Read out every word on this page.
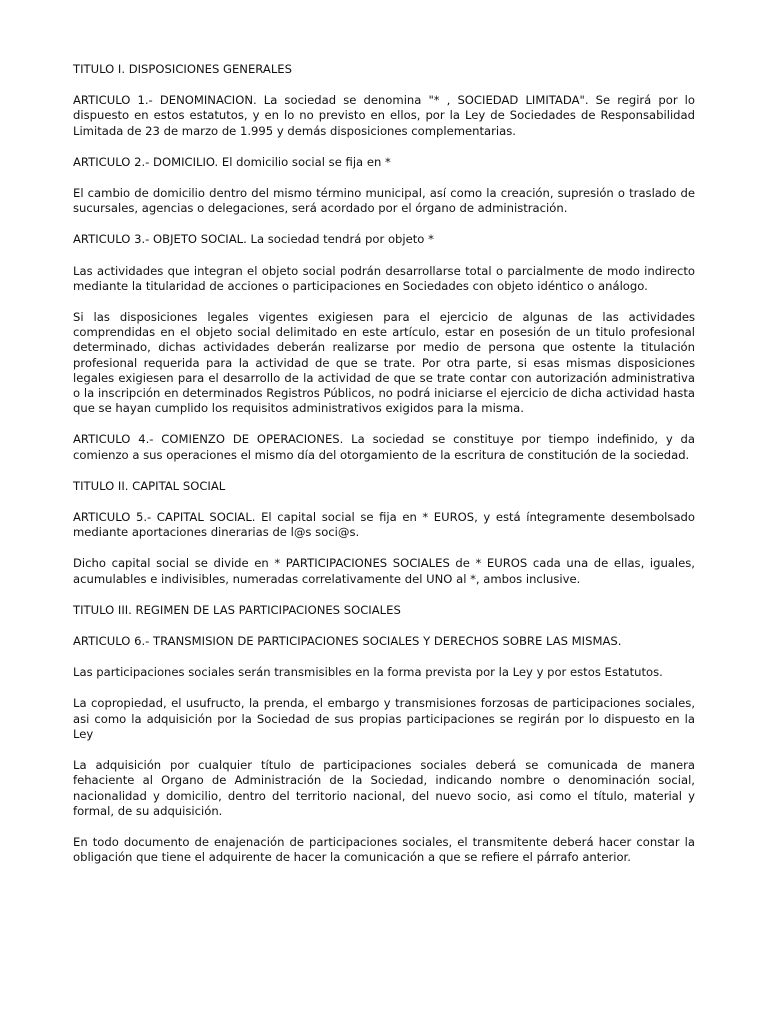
TITULO I. DISPOSICIONES GENERALES

ARTICULO 1.- DENOMINACION. La sociedad se denomina "* , SOCIEDAD LIMITADA". Se regirá por lo dispuesto en estos estatutos, y en lo no previsto en ellos, por la Ley de Sociedades de Responsabilidad Limitada de 23 de marzo de 1.995 y demás disposiciones complementarias.

ARTICULO 2.- DOMICILIO. El domicilio social se fija en *

El cambio de domicilio dentro del mismo término municipal, así como la creación, supresión o traslado de sucursales, agencias o delegaciones, será acordado por el órgano de administración.

ARTICULO 3.- OBJETO SOCIAL. La sociedad tendrá por objeto *

Las actividades que integran el objeto social podrán desarrollarse total o parcialmente de modo indirecto mediante la titularidad de acciones o participaciones en Sociedades con objeto idéntico o análogo.

Si las disposiciones legales vigentes exigiesen para el ejercicio de algunas de las actividades comprendidas en el objeto social delimitado en este artículo, estar en posesión de un titulo profesional determinado, dichas actividades deberán realizarse por medio de persona que ostente la titulación profesional requerida para la actividad de que se trate. Por otra parte, si esas mismas disposiciones legales exigiesen para el desarrollo de la actividad de que se trate contar con autorización administrativa o la inscripción en determinados Registros Públicos, no podrá iniciarse el ejercicio de dicha actividad hasta que se hayan cumplido los requisitos administrativos exigidos para la misma.

ARTICULO 4.- COMIENZO DE OPERACIONES. La sociedad se constituye por tiempo indefinido, y da comienzo a sus operaciones el mismo día del otorgamiento de la escritura de constitución de la sociedad.

TITULO II. CAPITAL SOCIAL

ARTICULO 5.- CAPITAL SOCIAL. El capital social se fija en * EUROS, y está íntegramente desembolsado mediante aportaciones dinerarias de l@s soci@s.

Dicho capital social se divide en * PARTICIPACIONES SOCIALES de * EUROS cada una de ellas, iguales, acumulables e indivisibles, numeradas correlativamente del UNO al *, ambos inclusive.

TITULO III. REGIMEN DE LAS PARTICIPACIONES SOCIALES

ARTICULO 6.- TRANSMISION DE PARTICIPACIONES SOCIALES Y DERECHOS SOBRE LAS MISMAS.

Las participaciones sociales serán transmisibles en la forma prevista por la Ley y por estos Estatutos.

La copropiedad, el usufructo, la prenda, el embargo y transmisiones forzosas de participaciones sociales, asi como la adquisición por la Sociedad de sus propias participaciones se regirán por lo dispuesto en la Ley

La adquisición por cualquier título de participaciones sociales deberá se comunicada de manera fehaciente al Organo de Administración de la Sociedad, indicando nombre o denominación social, nacionalidad y domicilio, dentro del territorio nacional, del nuevo socio, asi como el título, material y formal, de su adquisición.

En todo documento de enajenación de participaciones sociales, el transmitente deberá hacer constar la obligación que tiene el adquirente de hacer la comunicación a que se refiere el párrafo anterior.
